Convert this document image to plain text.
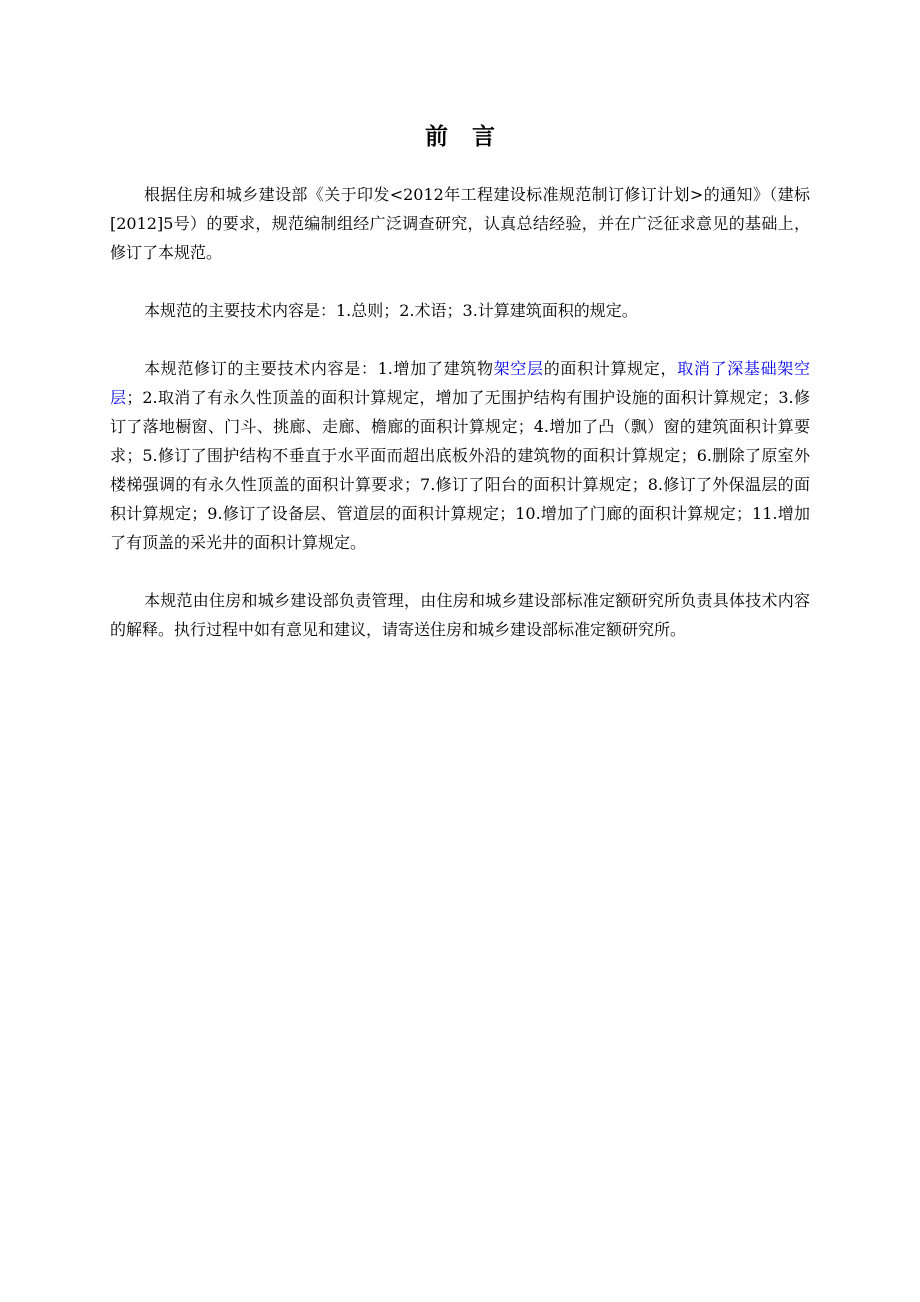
前言

根据住房和城乡建设部《关于印发<2012年工程建设标准规范制订修订计划>的通知》（建标[2012]5号）的要求，规范编制组经广泛调查研究，认真总结经验，并在广泛征求意见的基础上，修订了本规范。

本规范的主要技术内容是：1.总则；2.术语；3.计算建筑面积的规定。

本规范修订的主要技术内容是：1.增加了建筑物架空层的面积计算规定，取消了深基础架空层；2.取消了有永久性顶盖的面积计算规定，增加了无围护结构有围护设施的面积计算规定；3.修订了落地橱窗、门斗、挑廊、走廊、檐廊的面积计算规定；4.增加了凸（飘）窗的建筑面积计算要求；5.修订了围护结构不垂直于水平面而超出底板外沿的建筑物的面积计算规定；6.删除了原室外楼梯强调的有永久性顶盖的面积计算要求；7.修订了阳台的面积计算规定；8.修订了外保温层的面积计算规定；9.修订了设备层、管道层的面积计算规定；10.增加了门廊的面积计算规定；11.增加了有顶盖的采光井的面积计算规定。

本规范由住房和城乡建设部负责管理，由住房和城乡建设部标准定额研究所负责具体技术内容的解释。执行过程中如有意见和建议，请寄送住房和城乡建设部标准定额研究所。
